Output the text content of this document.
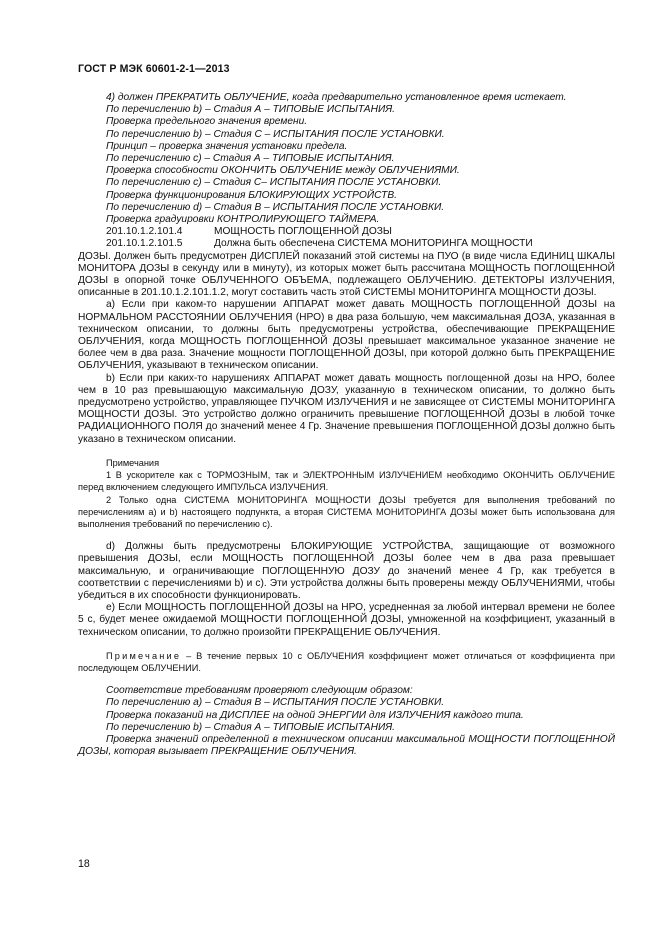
ГОСТ Р МЭК 60601-2-1—2013
4) должен ПРЕКРАТИТЬ ОБЛУЧЕНИЕ, когда предварительно установленное время истекает.
По перечислению b) – Стадия А – ТИПОВЫЕ ИСПЫТАНИЯ.
Проверка предельного значения времени.
По перечислению b) – Стадия С – ИСПЫТАНИЯ ПОСЛЕ УСТАНОВКИ.
Принцип – проверка значения установки предела.
По перечислению с) – Стадия А – ТИПОВЫЕ ИСПЫТАНИЯ.
Проверка способности ОКОНЧИТЬ ОБЛУЧЕНИЕ между ОБЛУЧЕНИЯМИ.
По перечислению с) – Стадия С– ИСПЫТАНИЯ ПОСЛЕ УСТАНОВКИ.
Проверка функционирования БЛОКИРУЮЩИХ УСТРОЙСТВ.
По перечислению d) – Стадия В – ИСПЫТАНИЯ ПОСЛЕ УСТАНОВКИ.
Проверка градуировки КОНТРОЛИРУЮЩЕГО ТАЙМЕРА.
201.10.1.2.101.4	МОЩНОСТЬ ПОГЛОЩЕННОЙ ДОЗЫ
201.10.1.2.101.5	Должна быть обеспечена СИСТЕМА МОНИТОРИНГА МОЩНОСТИ
ДОЗЫ. Должен быть предусмотрен ДИСПЛЕЙ показаний этой системы на ПУО (в виде числа ЕДИНИЦ ШКАЛЫ МОНИТОРА ДОЗЫ в секунду или в минуту), из которых может быть рассчитана МОЩНОСТЬ ПОГЛОЩЕННОЙ ДОЗЫ в опорной точке ОБЛУЧЕННОГО ОБЪЕМА, подлежащего ОБЛУЧЕНИЮ. ДЕТЕКТОРЫ ИЗЛУЧЕНИЯ, описанные в 201.10.1.2.101.1.2, могут составить часть этой СИСТЕМЫ МОНИТОРИНГА МОЩНОСТИ ДОЗЫ.
a) Если при каком-то нарушении АППАРАТ может давать МОЩНОСТЬ ПОГЛОЩЕННОЙ ДОЗЫ на НОРМАЛЬНОМ РАССТОЯНИИ ОБЛУЧЕНИЯ (НРО) в два раза большую, чем максимальная ДОЗА, указанная в техническом описании, то должны быть предусмотрены устройства, обеспечивающие ПРЕКРАЩЕНИЕ ОБЛУЧЕНИЯ, когда МОЩНОСТЬ ПОГЛОЩЕННОЙ ДОЗЫ превышает максимальное указанное значение не более чем в два раза. Значение мощности ПОГЛОЩЕННОЙ ДОЗЫ, при которой должно быть ПРЕКРАЩЕНИЕ ОБЛУЧЕНИЯ, указывают в техническом описании.
b) Если при каких-то нарушениях АППАРАТ может давать мощность поглощенной дозы на НРО, более чем в 10 раз превышающую максимальную ДОЗУ, указанную в техническом описании, то должно быть предусмотрено устройство, управляющее ПУЧКОМ ИЗЛУЧЕНИЯ и не зависящее от СИСТЕМЫ МОНИТОРИНГА МОЩНОСТИ ДОЗЫ. Это устройство должно ограничить превышение ПОГЛОЩЕННОЙ ДОЗЫ в любой точке РАДИАЦИОННОГО ПОЛЯ до значений менее 4 Гр. Значение превышения ПОГЛОЩЕННОЙ ДОЗЫ должно быть указано в техническом описании.
Примечания
1 В ускорителе как с ТОРМОЗНЫМ, так и ЭЛЕКТРОННЫМ ИЗЛУЧЕНИЕМ необходимо ОКОНЧИТЬ ОБЛУЧЕНИЕ перед включением следующего ИМПУЛЬСА ИЗЛУЧЕНИЯ.
2 Только одна СИСТЕМА МОНИТОРИНГА МОЩНОСТИ ДОЗЫ требуется для выполнения требований по перечислениям а) и b) настоящего подпункта, а вторая СИСТЕМА МОНИТОРИНГА ДОЗЫ может быть использована для выполнения требований по перечислению с).
d) Должны быть предусмотрены БЛОКИРУЮЩИЕ УСТРОЙСТВА, защищающие от возможного превышения ДОЗЫ, если МОЩНОСТЬ ПОГЛОЩЕННОЙ ДОЗЫ более чем в два раза превышает максимальную, и ограничивающие ПОГЛОЩЕННУЮ ДОЗУ до значений менее 4 Гр, как требуется в соответствии с перечислениями b) и с). Эти устройства должны быть проверены между ОБЛУЧЕНИЯМИ, чтобы убедиться в их способности функционировать.
е) Если МОЩНОСТЬ ПОГЛОЩЕННОЙ ДОЗЫ на НРО, усредненная за любой интервал времени не более 5 с, будет менее ожидаемой МОЩНОСТИ ПОГЛОЩЕННОЙ ДОЗЫ, умноженной на коэффициент, указанный в техническом описании, то должно произойти ПРЕКРАЩЕНИЕ ОБЛУЧЕНИЯ.
Примечание – В течение первых 10 с ОБЛУЧЕНИЯ коэффициент может отличаться от коэффициента при последующем ОБЛУЧЕНИИ.
Соответствие требованиям проверяют следующим образом:
По перечислению а) – Стадия В – ИСПЫТАНИЯ ПОСЛЕ УСТАНОВКИ.
Проверка показаний на ДИСПЛЕЕ на одной ЭНЕРГИИ для ИЗЛУЧЕНИЯ каждого типа.
По перечислению b) – Стадия А – ТИПОВЫЕ ИСПЫТАНИЯ.
Проверка значений определенной в техническом описании максимальной МОЩНОСТИ ПОГЛОЩЕННОЙ ДОЗЫ, которая вызывает ПРЕКРАЩЕНИЕ ОБЛУЧЕНИЯ.
18
